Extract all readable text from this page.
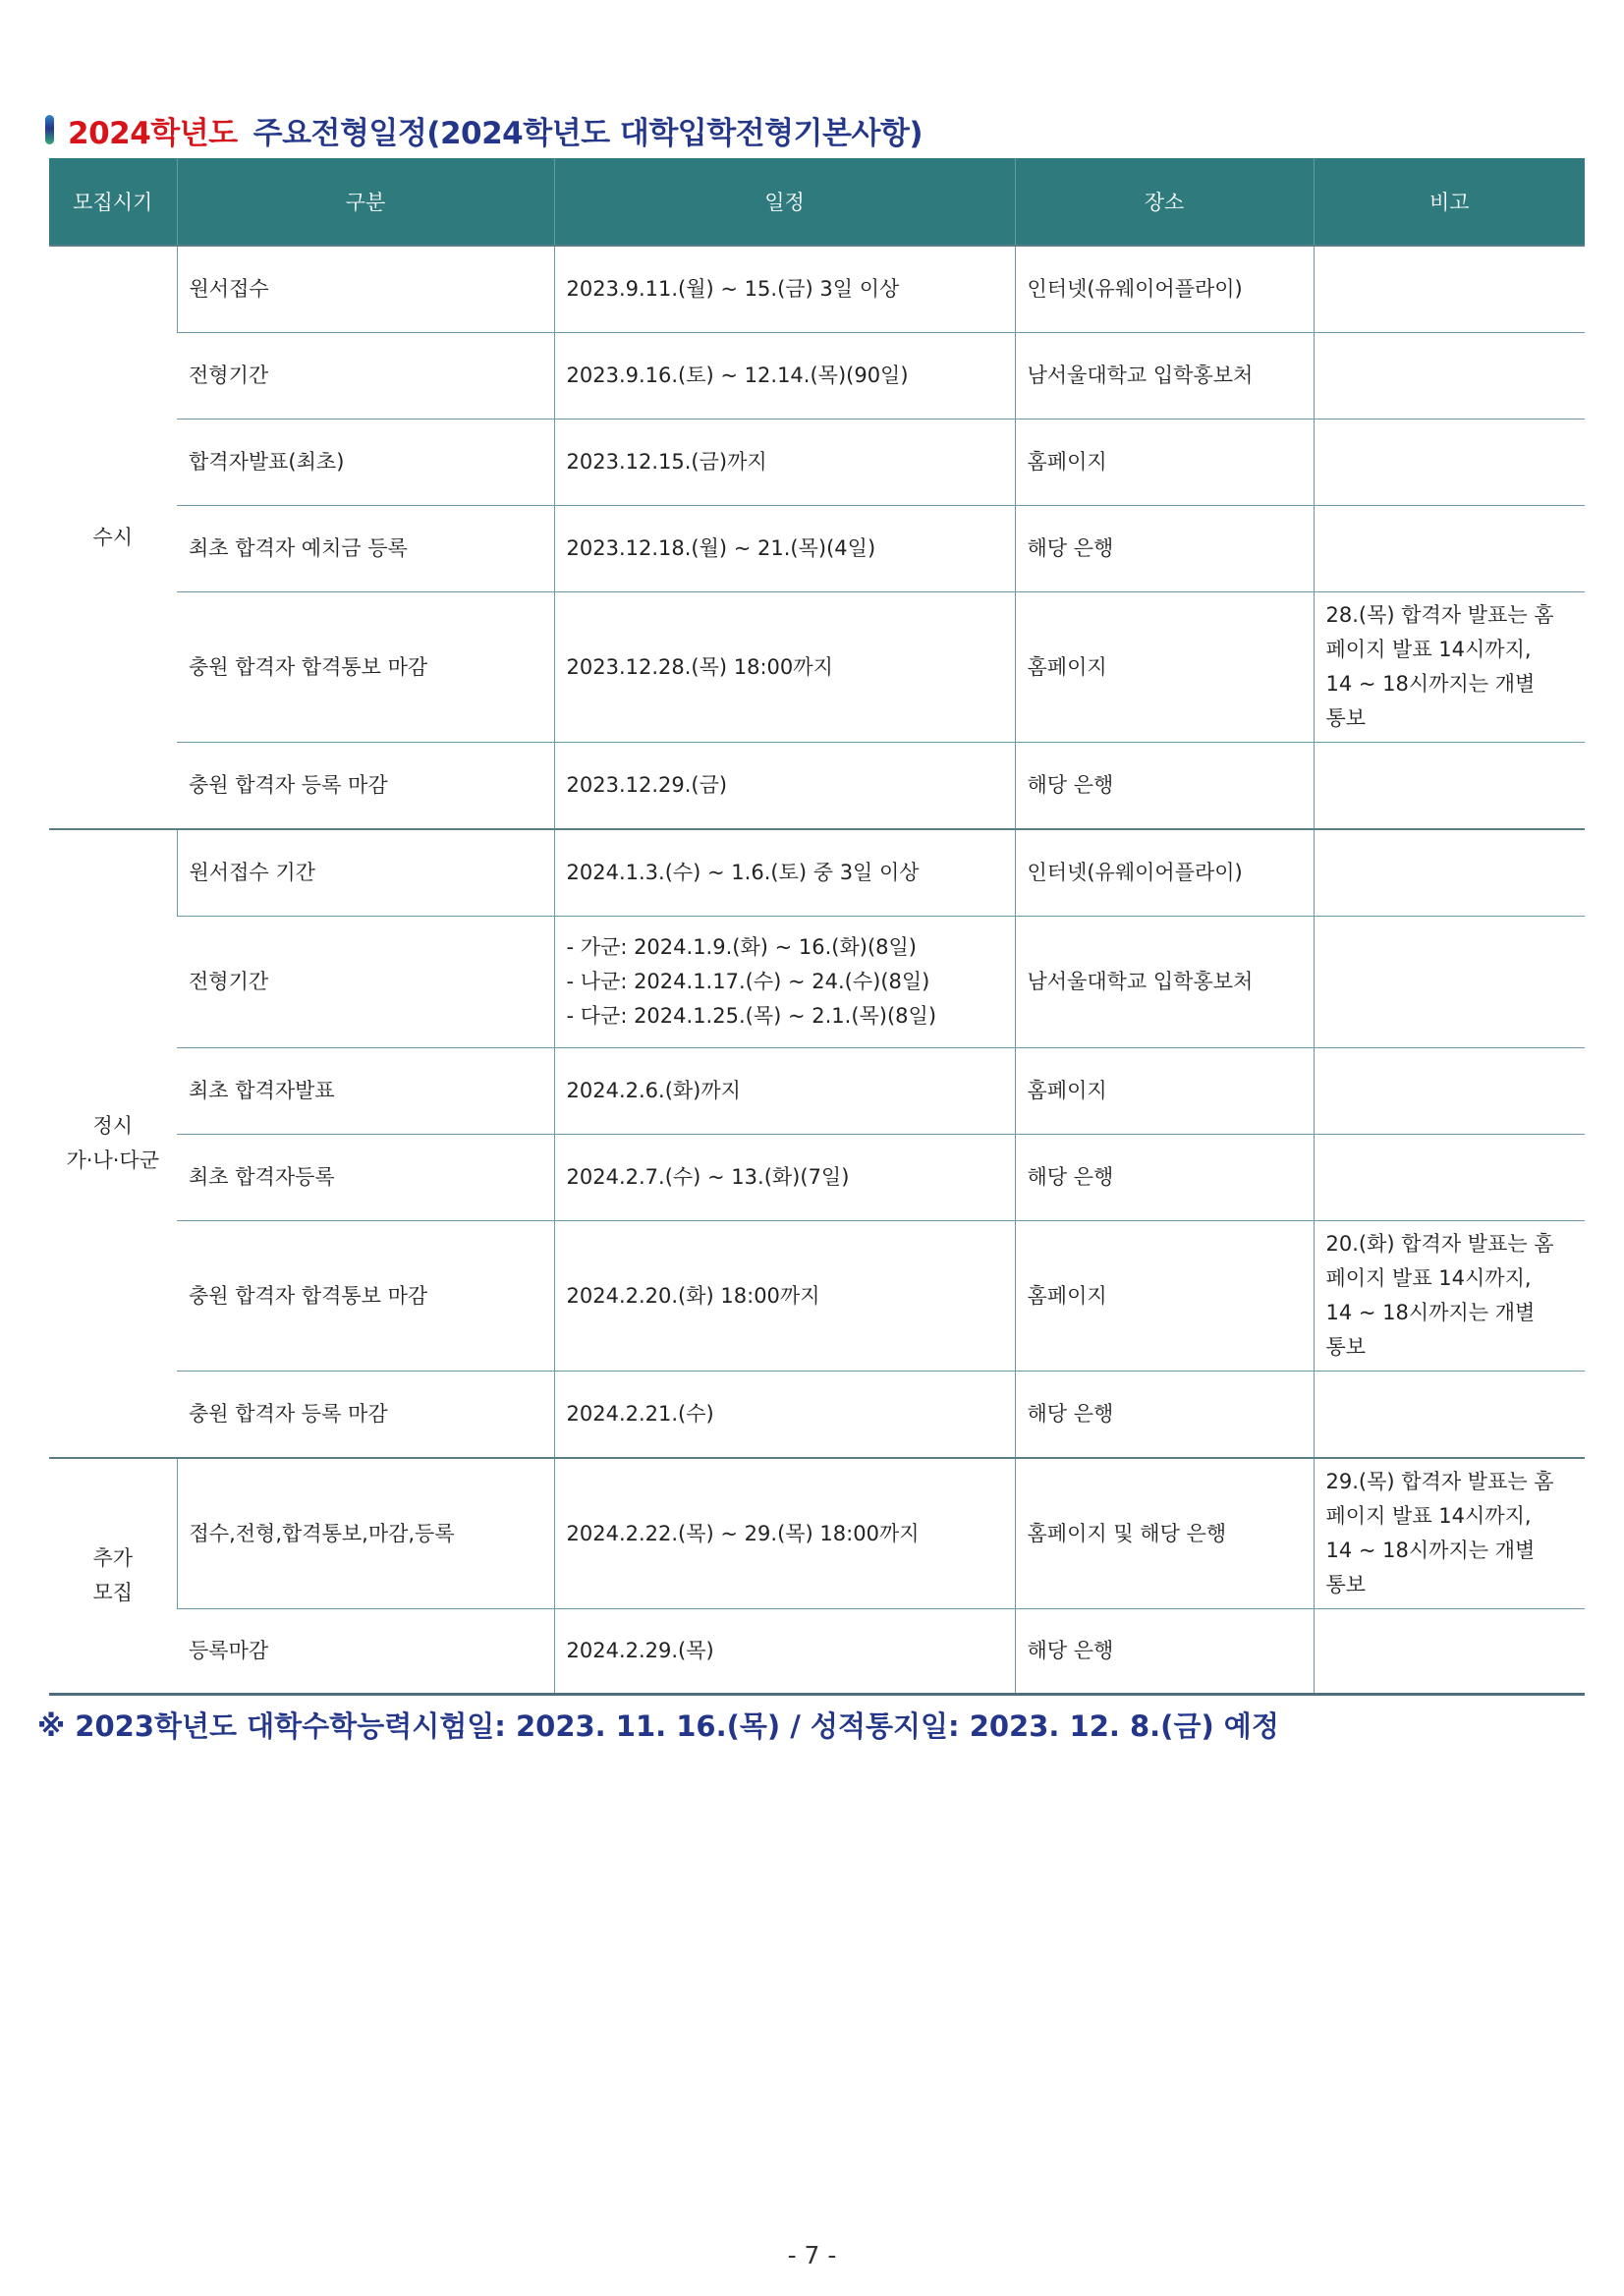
2024학년도 주요전형일정(2024학년도 대학입학전형기본사항)
모집시기	구분	일정	장소	비고
수시	원서접수	2023.9.11.(월) ~ 15.(금) 3일 이상	인터넷(유웨이어플라이)	
	전형기간	2023.9.16.(토) ~ 12.14.(목)(90일)	남서울대학교 입학홍보처	
	합격자발표(최초)	2023.12.15.(금)까지	홈페이지	
	최초 합격자 예치금 등록	2023.12.18.(월) ~ 21.(목)(4일)	해당 은행	
	충원 합격자 합격통보 마감	2023.12.28.(목) 18:00까지	홈페이지	28.(목) 합격자 발표는 홈
페이지 발표 14시까지,
14 ~ 18시까지는 개별
통보
	충원 합격자 등록 마감	2023.12.29.(금)	해당 은행	
정시
가·나·다군	원서접수 기간	2024.1.3.(수) ~ 1.6.(토) 중 3일 이상	인터넷(유웨이어플라이)	
	전형기간	- 가군: 2024.1.9.(화) ~ 16.(화)(8일)
- 나군: 2024.1.17.(수) ~ 24.(수)(8일)
- 다군: 2024.1.25.(목) ~ 2.1.(목)(8일)	남서울대학교 입학홍보처	
	최초 합격자발표	2024.2.6.(화)까지	홈페이지	
	최초 합격자등록	2024.2.7.(수) ~ 13.(화)(7일)	해당 은행	
	충원 합격자 합격통보 마감	2024.2.20.(화) 18:00까지	홈페이지	20.(화) 합격자 발표는 홈
페이지 발표 14시까지,
14 ~ 18시까지는 개별
통보
	충원 합격자 등록 마감	2024.2.21.(수)	해당 은행	
추가
모집	접수,전형,합격통보,마감,등록	2024.2.22.(목) ~ 29.(목) 18:00까지	홈페이지 및 해당 은행	29.(목) 합격자 발표는 홈
페이지 발표 14시까지,
14 ~ 18시까지는 개별
통보
	등록마감	2024.2.29.(목)	해당 은행	
※ 2023학년도 대학수학능력시험일: 2023. 11. 16.(목) / 성적통지일: 2023. 12. 8.(금) 예정
- 7 -
